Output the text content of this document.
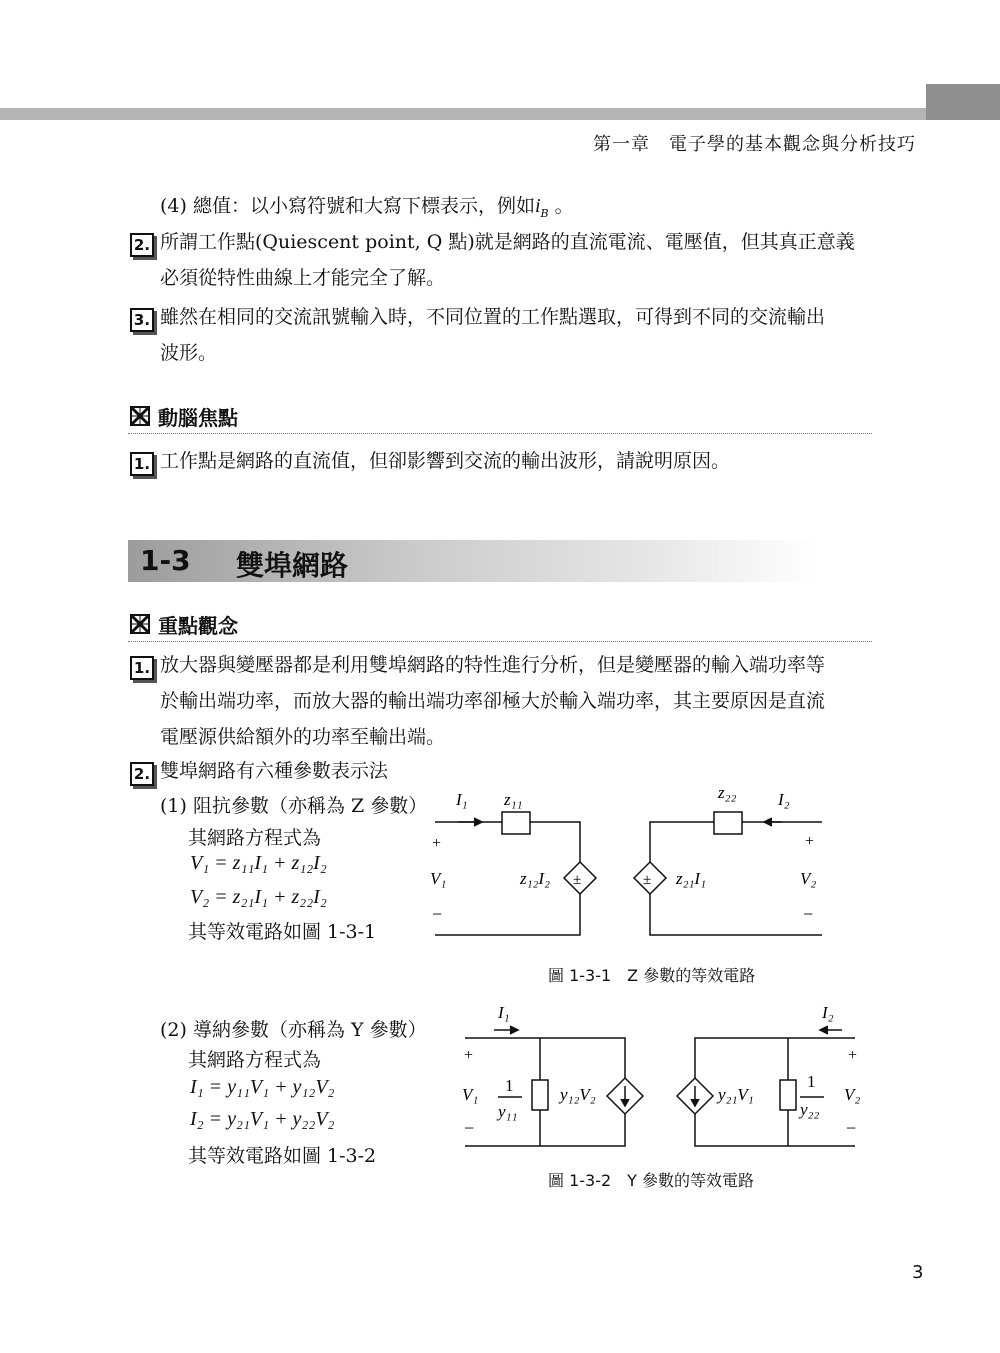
第一章　電子學的基本觀念與分析技巧
(4) 總值：以小寫符號和大寫下標表示，例如$i_B$ 。
2. 所謂工作點(Quiescent point, Q 點)就是網路的直流電流、電壓值，但其真正意義
必須從特性曲線上才能完全了解。
3. 雖然在相同的交流訊號輸入時，不同位置的工作點選取，可得到不同的交流輸出
波形。
動腦焦點
1. 工作點是網路的直流值，但卻影響到交流的輸出波形，請說明原因。
1-3 雙埠網路
重點觀念
1. 放大器與變壓器都是利用雙埠網路的特性進行分析，但是變壓器的輸入端功率等
於輸出端功率，而放大器的輸出端功率卻極大於輸入端功率，其主要原因是直流
電壓源供給額外的功率至輸出端。
2. 雙埠網路有六種參數表示法
(1) 阻抗參數（亦稱為 Z 參數）
其網路方程式為
V₁ = z₁₁I₁ + z₁₂I₂
V₂ = z₂₁I₁ + z₂₂I₂
其等效電路如圖 1-3-1
I₁ z₁₁	z₂₂ I₂
+	+
V₁	V₂
z₁₂I₂	z₂₁I₁
±	±
−	−
圖 1-3-1　Z 參數的等效電路
(2) 導納參數（亦稱為 Y 參數）
其網路方程式為
I₁ = y₁₁V₁ + y₁₂V₂
I₂ = y₂₁V₁ + y₂₂V₂
其等效電路如圖 1-3-2
I₁	I₂
+	+
V₁	V₂
1
y₁₁
1
y₂₂
y₁₂V₂	y₂₁V₁
−	−
圖 1-3-2　Y 參數的等效電路
3
